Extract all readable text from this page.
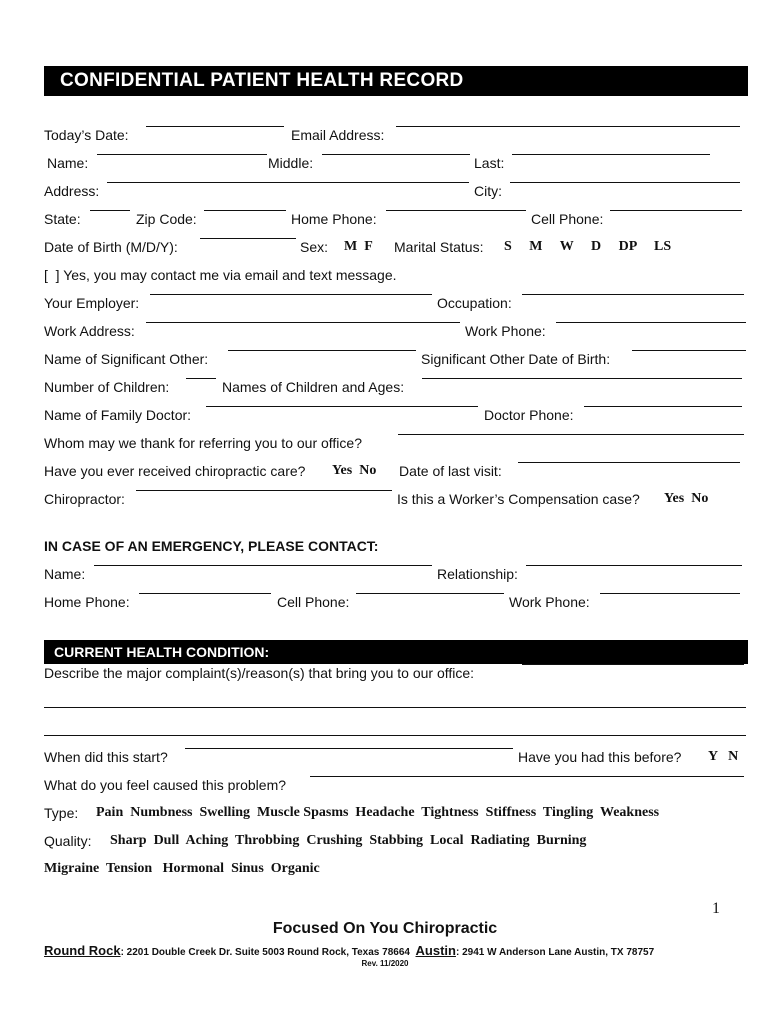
CONFIDENTIAL PATIENT HEALTH RECORD
Today’s Date:	Email Address:
Name:	Middle:	Last:
Address:	City:
State:	Zip Code:	Home Phone:	Cell Phone:
Date of Birth (M/D/Y):	Sex: M  F Marital Status: S     M     W     D     DP     LS
[  ] Yes, you may contact me via email and text message.
Your Employer:	Occupation:
Work Address:	Work Phone:
Name of Significant Other:	Significant Other Date of Birth:
Number of Children:	Names of Children and Ages:
Name of Family Doctor:	Doctor Phone:
Whom may we thank for referring you to our office?
Have you ever received chiropractic care? Yes  No Date of last visit:
Chiropractor:	Is this a Worker’s Compensation case? Yes  No
IN CASE OF AN EMERGENCY, PLEASE CONTACT:
Name:	Relationship:
Home Phone:	Cell Phone:	Work Phone:
CURRENT HEALTH CONDITION:
Describe the major complaint(s)/reason(s) that bring you to our office:
When did this start?	Have you had this before? Y   N
What do you feel caused this problem?
Type: Pain  Numbness  Swelling  Muscle Spasms  Headache  Tightness  Stiffness  Tingling  Weakness
Quality: Sharp  Dull  Aching  Throbbing  Crushing  Stabbing  Local  Radiating  Burning
Migraine  Tension   Hormonal  Sinus  Organic
1
Focused On You Chiropractic
Round Rock: 2201 Double Creek Dr. Suite 5003 Round Rock, Texas 78664 Austin: 2941 W Anderson Lane Austin, TX 78757
Rev. 11/2020
